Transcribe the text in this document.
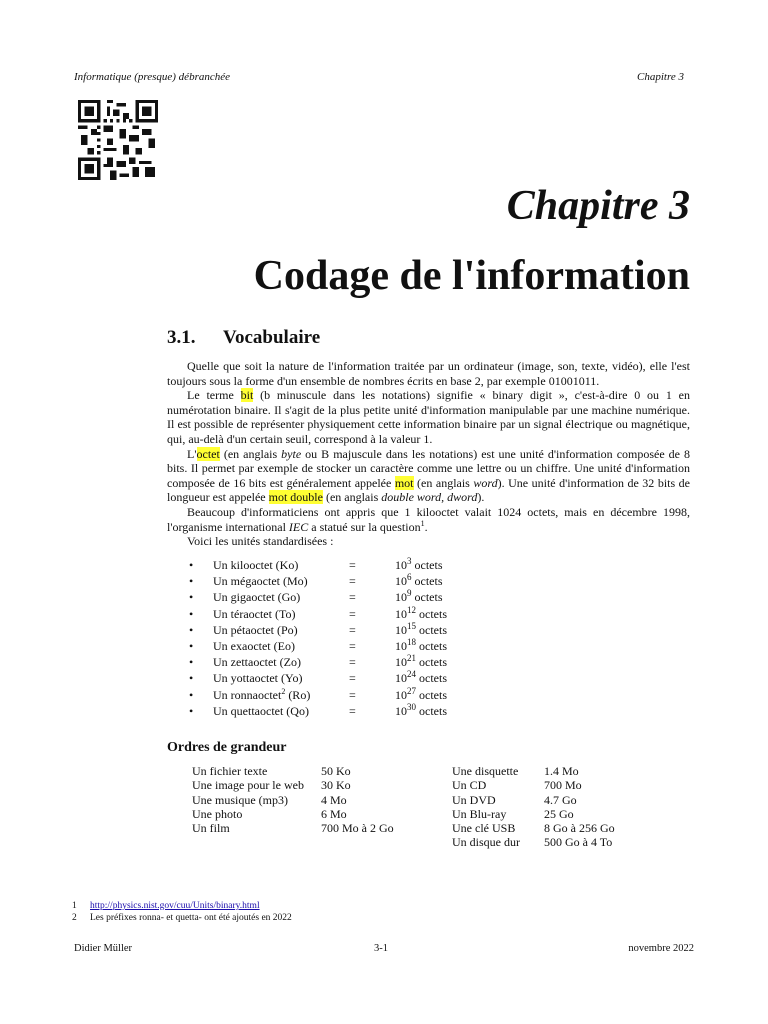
Informatique (presque) débranchée	Chapitre 3
Chapitre 3
Codage de l'information
3.1. Vocabulaire

Quelle que soit la nature de l'information traitée par un ordinateur (image, son, texte, vidéo), elle l'est toujours sous la forme d'un ensemble de nombres écrits en base 2, par exemple 01001011.

Le terme bit (b minuscule dans les notations) signifie « binary digit », c'est-à-dire 0 ou 1 en numérotation binaire. Il s'agit de la plus petite unité d'information manipulable par une machine numérique. Il est possible de représenter physiquement cette information binaire par un signal électrique ou magnétique, qui, au-delà d'un certain seuil, correspond à la valeur 1.

L'octet (en anglais byte ou B majuscule dans les notations) est une unité d'information composée de 8 bits. Il permet par exemple de stocker un caractère comme une lettre ou un chiffre. Une unité d'information composée de 16 bits est généralement appelée mot (en anglais word). Une unité d'information de 32 bits de longueur est appelée mot double (en anglais double word, dword).

Beaucoup d'informaticiens ont appris que 1 kilooctet valait 1024 octets, mais en décembre 1998, l'organisme international IEC a statué sur la question$^1$.

Voici les unités standardisées :

• Un kilooctet (Ko)	=	$10^3$ octets
• Un mégaoctet (Mo)	=	$10^6$ octets
• Un gigaoctet (Go)	=	$10^9$ octets
• Un téraoctet (To)	=	$10^{12}$ octets
• Un pétaoctet (Po)	=	$10^{15}$ octets
• Un exaoctet (Eo)	=	$10^{18}$ octets
• Un zettaoctet (Zo)	=	$10^{21}$ octets
• Un yottaoctet (Yo)	=	$10^{24}$ octets
• Un ronnaoctet$^2$ (Ro)	=	$10^{27}$ octets
• Un quettaoctet (Qo)	=	$10^{30}$ octets
Ordres de grandeur
Un fichier texte	50 Ko
Une image pour le web 30 Ko
Une musique (mp3)	4 Mo
Une photo	6 Mo
Un film	700 Mo à 2 Go
Une disquette 1.4 Mo
Un CD	700 Mo
Un DVD	4.7 Go
Un Blu-ray	25 Go
Une clé USB 8 Go à 256 Go
Un disque dur 500 Go à 4 To
1 http://physics.nist.gov/cuu/Units/binary.html
2 Les préfixes ronna- et quetta- ont été ajoutés en 2022
Didier Müller	3-1	novembre 2022
